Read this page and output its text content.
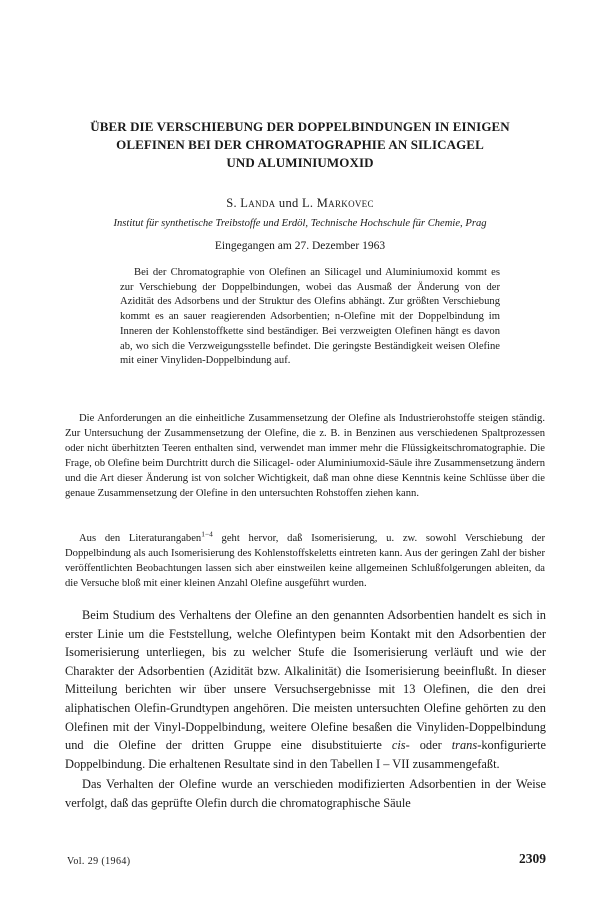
ÜBER DIE VERSCHIEBUNG DER DOPPELBINDUNGEN IN EINIGEN
OLEFINEN BEI DER CHROMATOGRAPHIE AN SILICAGEL
UND ALUMINIUMOXID
S. Landa und L. Markovec
Institut für synthetische Treibstoffe und Erdöl, Technische Hochschule für Chemie, Prag
Eingegangen am 27. Dezember 1963

Bei der Chromatographie von Olefinen an Silicagel und Aluminiumoxid kommt es zur Verschiebung der Doppelbindungen, wobei das Ausmaß der Änderung von der Azidität des Adsorbens und der Struktur des Olefins abhängt. Zur größten Verschiebung kommt es an sauer reagierenden Adsorbentien; n-Olefine mit der Doppelbindung im Inneren der Kohlenstoffkette sind beständiger. Bei verzweigten Olefinen hängt es davon ab, wo sich die Verzweigungsstelle befindet. Die geringste Beständigkeit weisen Olefine mit einer Vinyliden-Doppelbindung auf.

Die Anforderungen an die einheitliche Zusammensetzung der Olefine als Industrierohstoffe steigen ständig. Zur Untersuchung der Zusammensetzung der Olefine, die z. B. in Benzinen aus verschiedenen Spaltprozessen oder nicht überhitzten Teeren enthalten sind, verwendet man immer mehr die Flüssigkeitschromatographie. Die Frage, ob Olefine beim Durchtritt durch die Silicagel- oder Aluminiumoxid-Säule ihre Zusammensetzung ändern und die Art dieser Änderung ist von solcher Wichtigkeit, daß man ohne diese Kenntnis keine Schlüsse über die genaue Zusammensetzung der Olefine in den untersuchten Rohstoffen ziehen kann.

Aus den Literaturangaben$^{1-4}$ geht hervor, daß Isomerisierung, u. zw. sowohl Verschiebung der Doppelbindung als auch Isomerisierung des Kohlenstoffskeletts eintreten kann. Aus der geringen Zahl der bisher veröffentlichten Beobachtungen lassen sich aber einstweilen keine allgemeinen Schlußfolgerungen ableiten, da die Versuche bloß mit einer kleinen Anzahl Olefine ausgeführt wurden.

Beim Studium des Verhaltens der Olefine an den genannten Adsorbentien handelt es sich in erster Linie um die Feststellung, welche Olefintypen beim Kontakt mit den Adsorbentien der Isomerisierung unterliegen, bis zu welcher Stufe die Isomerisierung verläuft und wie der Charakter der Adsorbentien (Azidität bzw. Alkalinität) die Isomerisierung beeinflußt. In dieser Mitteilung berichten wir über unsere Versuchsergebnisse mit 13 Olefinen, die den drei aliphatischen Olefin-Grundtypen angehören. Die meisten untersuchten Olefine gehörten zu den Olefinen mit der Vinyl-Doppelbindung, weitere Olefine besaßen die Vinyliden-Doppelbindung und die Olefine der dritten Gruppe eine disubstituierte cis- oder trans-konfigurierte Doppelbindung. Die erhaltenen Resultate sind in den Tabellen I – VII zusammengefaßt.

Das Verhalten der Olefine wurde an verschieden modifizierten Adsorbentien in der Weise verfolgt, daß das geprüfte Olefin durch die chromatographische Säule

Vol. 29 (1964)	2309
